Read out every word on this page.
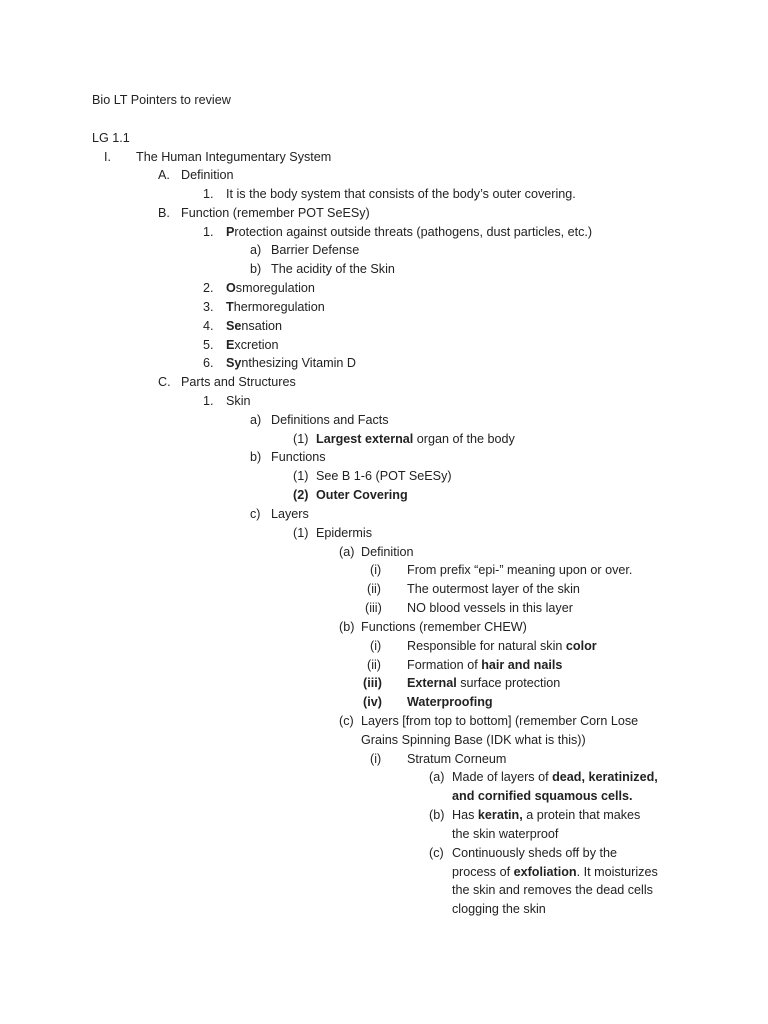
Bio LT Pointers to review
LG 1.1
I. The Human Integumentary System
A. Definition
1. It is the body system that consists of the body’s outer covering.
B. Function (remember POT SeESy)
1. Protection against outside threats (pathogens, dust particles, etc.)
a) Barrier Defense
b) The acidity of the Skin
2. Osmoregulation
3. Thermoregulation
4. Sensation
5. Excretion
6. Synthesizing Vitamin D
C. Parts and Structures
1. Skin
a) Definitions and Facts
(1) Largest external organ of the body
b) Functions
(1) See B 1-6 (POT SeESy)
(2) Outer Covering
c) Layers
(1) Epidermis
(a) Definition
(i) From prefix “epi-” meaning upon or over.
(ii) The outermost layer of the skin
(iii) NO blood vessels in this layer
(b) Functions (remember CHEW)
(i) Responsible for natural skin color
(ii) Formation of hair and nails
(iii) External surface protection
(iv) Waterproofing
(c) Layers [from top to bottom] (remember Corn Lose
Grains Spinning Base (IDK what is this))
(i) Stratum Corneum
(a) Made of layers of dead, keratinized,
and cornified squamous cells.
(b) Has keratin, a protein that makes
the skin waterproof
(c) Continuously sheds off by the
process of exfoliation. It moisturizes
the skin and removes the dead cells
clogging the skin
